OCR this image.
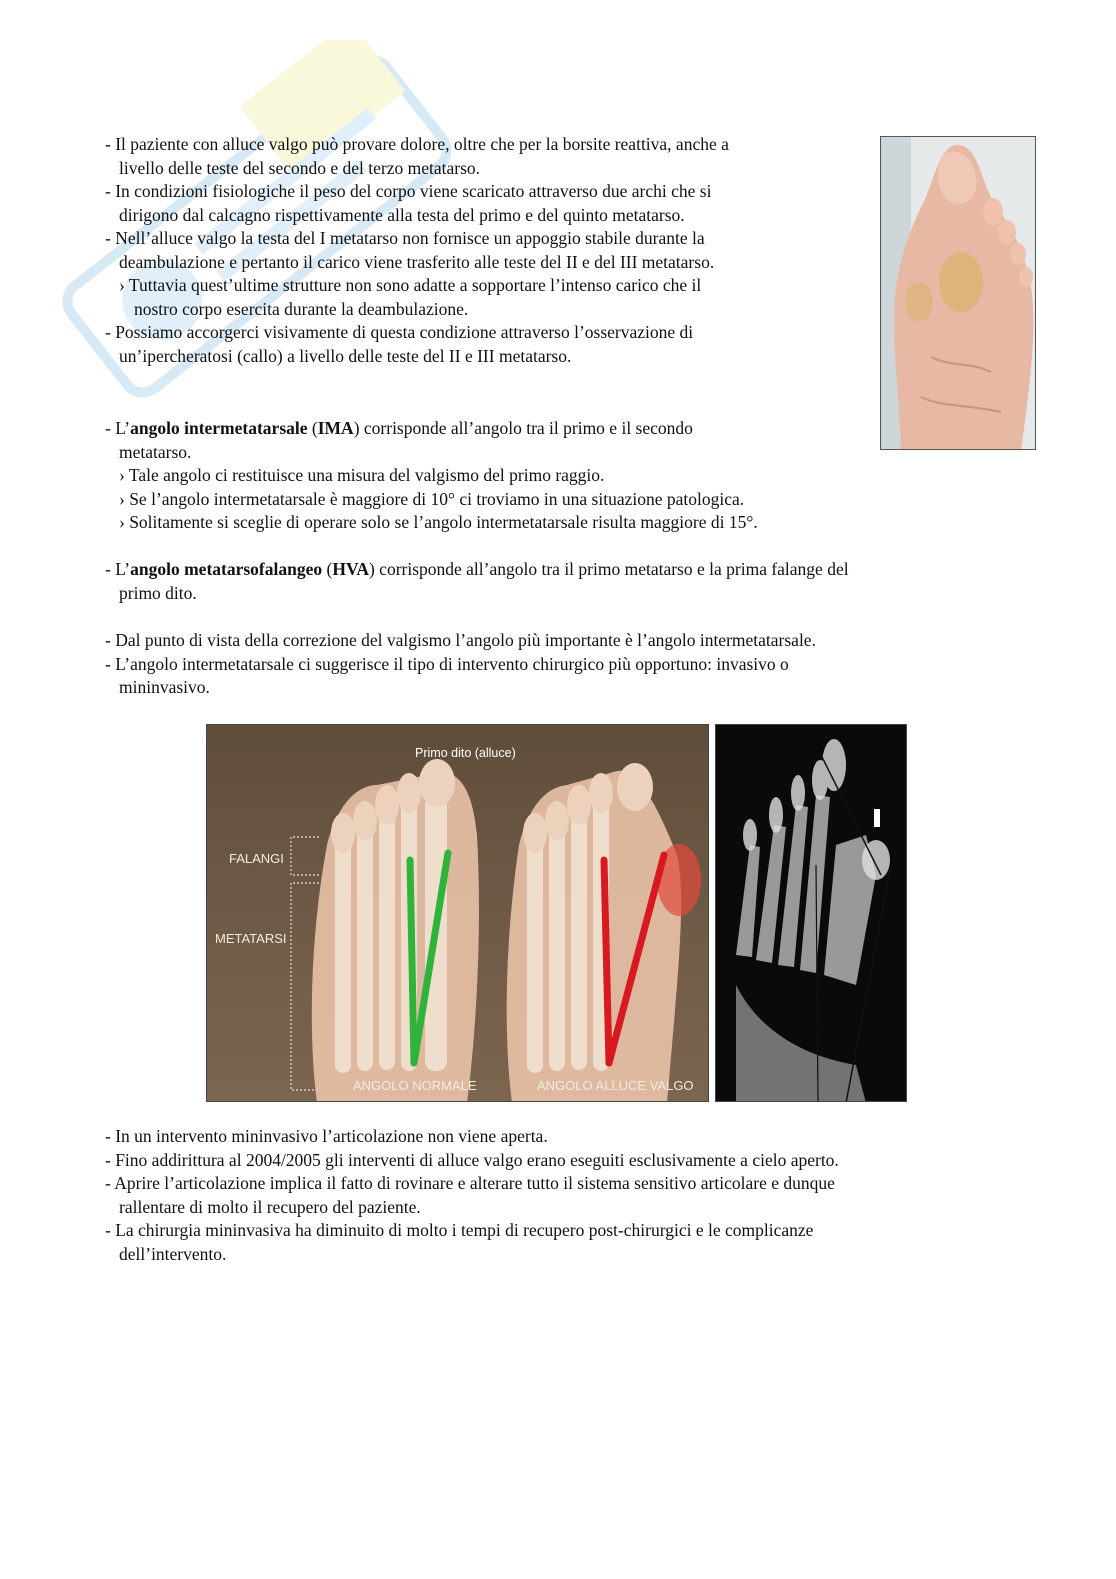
- Il paziente con alluce valgo può provare dolore, oltre che per la borsite reattiva, anche a
livello delle teste del secondo e del terzo metatarso.
- In condizioni fisiologiche il peso del corpo viene scaricato attraverso due archi che si
dirigono dal calcagno rispettivamente alla testa del primo e del quinto metatarso.
- Nell’alluce valgo la testa del I metatarso non fornisce un appoggio stabile durante la
deambulazione e pertanto il carico viene trasferito alle teste del II e del III metatarso.
› Tuttavia quest’ultime strutture non sono adatte a sopportare l’intenso carico che il
nostro corpo esercita durante la deambulazione.
- Possiamo accorgerci visivamente di questa condizione attraverso l’osservazione di
un’ipercheratosi (callo) a livello delle teste del II e III metatarso.
- L’angolo intermetatarsale (IMA) corrisponde all’angolo tra il primo e il secondo
metatarso.
› Tale angolo ci restituisce una misura del valgismo del primo raggio.
› Se l’angolo intermetatarsale è maggiore di 10° ci troviamo in una situazione patologica.
› Solitamente si sceglie di operare solo se l’angolo intermetatarsale risulta maggiore di 15°.
- L’angolo metatarsofalangeo (HVA) corrisponde all’angolo tra il primo metatarso e la prima falange del
primo dito.
- Dal punto di vista della correzione del valgismo l’angolo più importante è l’angolo intermetatarsale.
- L’angolo intermetatarsale ci suggerisce il tipo di intervento chirurgico più opportuno: invasivo o
mininvasivo.
Primo dito (alluce)
FALANGI
METATARSI
ANGOLO NORMALE	ANGOLO ALLUCE VALGO
- In un intervento mininvasivo l’articolazione non viene aperta.
- Fino addirittura al 2004/2005 gli interventi di alluce valgo erano eseguiti esclusivamente a cielo aperto.
- Aprire l’articolazione implica il fatto di rovinare e alterare tutto il sistema sensitivo articolare e dunque
rallentare di molto il recupero del paziente.
- La chirurgia mininvasiva ha diminuito di molto i tempi di recupero post-chirurgici e le complicanze
dell’intervento.
